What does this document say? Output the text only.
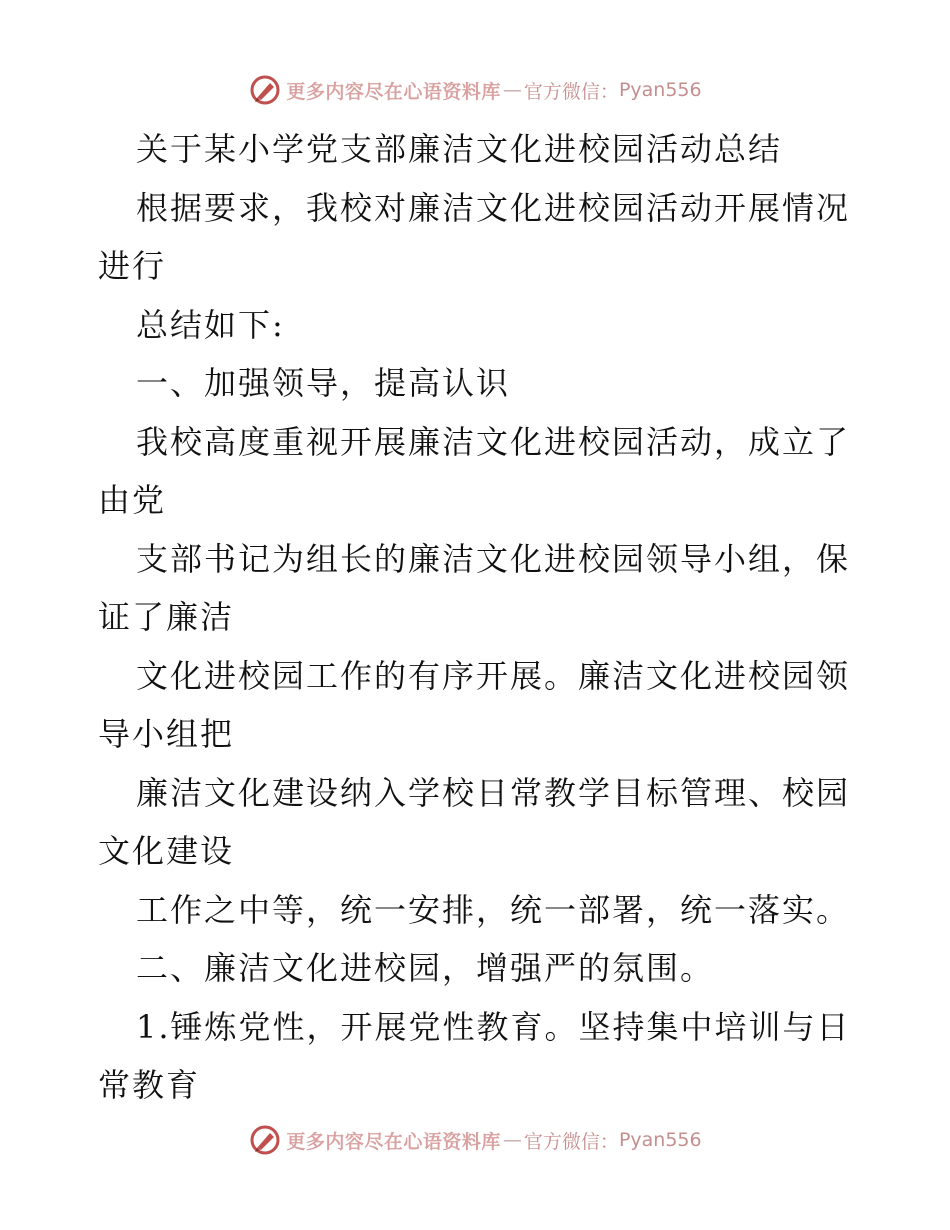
更多内容尽在心语资料库 — 官方微信： Pyan556
关于某小学党支部廉洁文化进校园活动总结
根据要求，我校对廉洁文化进校园活动开展情况
进行
总结如下:
一、加强领导，提高认识
我校高度重视开展廉洁文化进校园活动，成立了
由党
支部书记为组长的廉洁文化进校园领导小组，保
证了廉洁
文化进校园工作的有序开展。廉洁文化进校园领
导小组把
廉洁文化建设纳入学校日常教学目标管理、校园
文化建设
工作之中等，统一安排，统一部署，统一落实。
二、廉洁文化进校园，增强严的氛围。
1.锤炼党性，开展党性教育。坚持集中培训与日
常教育
更多内容尽在心语资料库 — 官方微信： Pyan556
